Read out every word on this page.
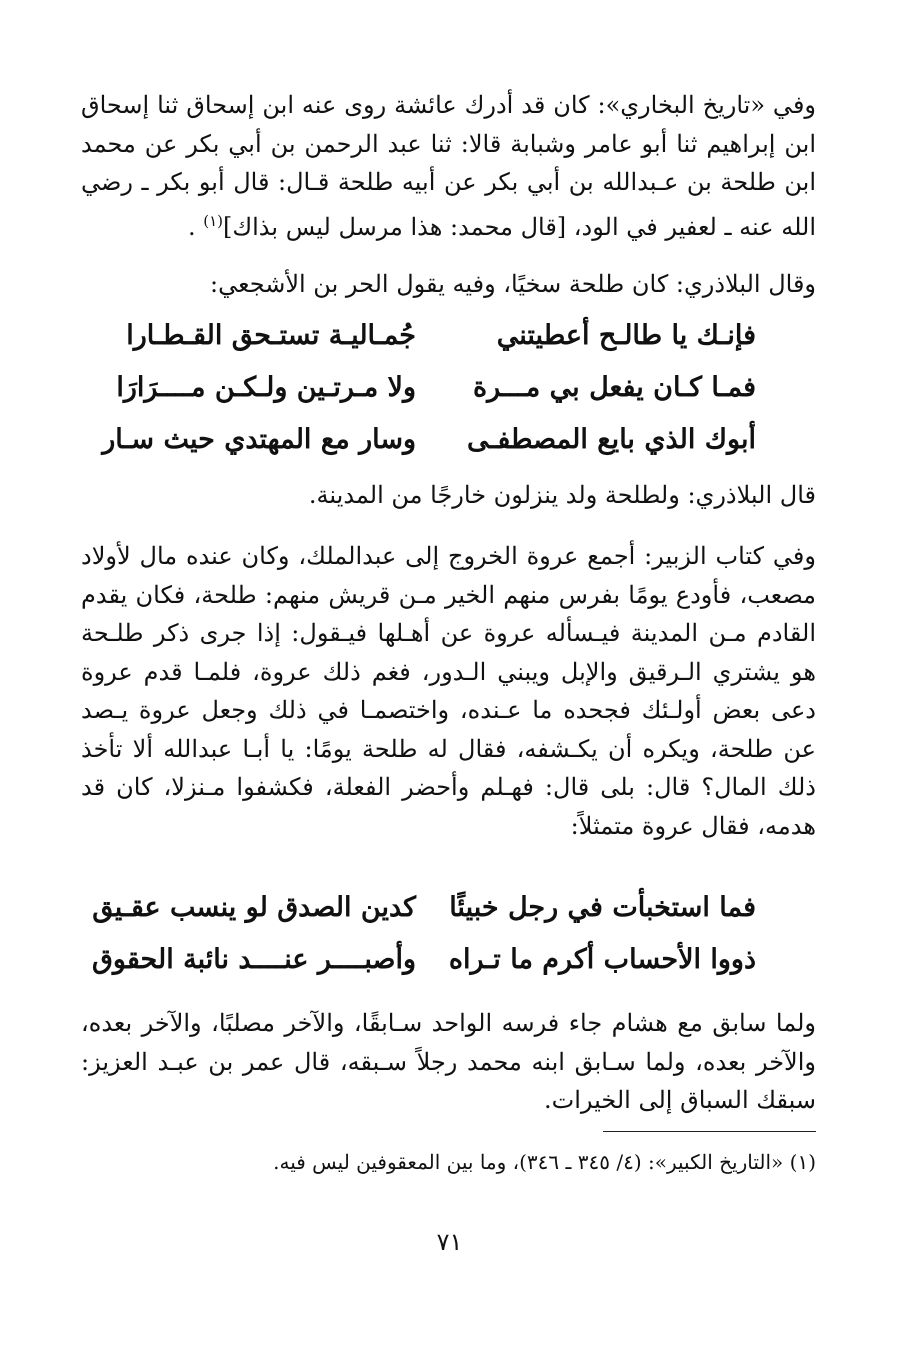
وفي «تاريخ البخاري»: كان قد أدرك عائشة روى عنه ابن إسحاق ثنا إسحاق ابن إبراهيم ثنا أبو عامر وشبابة قالا: ثنا عبد الرحمن بن أبي بكر عن محمد ابن طلحة بن عـبدالله بن أبي بكر عن أبيه طلحة قـال: قال أبو بكر ـ رضي الله عنه ـ لعفير في الود، [قال محمد: هذا مرسل ليس بذاك]$^{(١)}$ .

وقال البلاذري: كان طلحة سخيًا، وفيه يقول الحر بن الأشجعي:

فإنـك يا طالـح أعطيتني
جُمـاليـة تستـحق القـطـارا
فمـا كـان يفعل بي مـــرة
ولا مـرتـين ولـكـن مــــرَارَا
أبوك الذي بايع المصطفـى
وسار مع المهتدي حيث سـار

قال البلاذري: ولطلحة ولد ينزلون خارجًا من المدينة.

وفي كتاب الزبير: أجمع عروة الخروج إلى عبدالملك، وكان عنده مال لأولاد مصعب، فأودع يومًا بفرس منهم الخير مـن قريش منهم: طلحة، فكان يقدم القادم مـن المدينة فيـسأله عروة عن أهـلها فيـقول: إذا جرى ذكر طلـحة هو يشتري الـرقيق والإبل ويبني الـدور، فغم ذلك عروة، فلمـا قدم عروة دعى بعض أولـئك فجحده ما عـنده، واختصمـا في ذلك وجعل عروة يـصد عن طلحة، ويكره أن يكـشفه، فقال له طلحة يومًا: يا أبـا عبدالله ألا تأخذ ذلك المال؟ قال: بلى قال: فهـلم وأحضر الفعلة، فكشفوا مـنزلا، كان قد هدمه، فقال عروة متمثلاً:

فما استخبأت في رجل خبيئًا
كدين الصدق لو ينسب عقـيق
ذووا الأحساب أكرم ما تـراه
وأصبــــر عنــــد نائبة الحقوق

ولما سابق مع هشام جاء فرسه الواحد سـابقًا، والآخر مصلبًا، والآخر بعده، والآخر بعده، ولما سـابق ابنه محمد رجلاً سـبقه، قال عمر بن عبـد العزيز: سبقك السباق إلى الخيرات.

(١) «التاريخ الكبير»: (٤/ ٣٤٥ ـ ٣٤٦)، وما بين المعقوفين ليس فيه.
٧١
